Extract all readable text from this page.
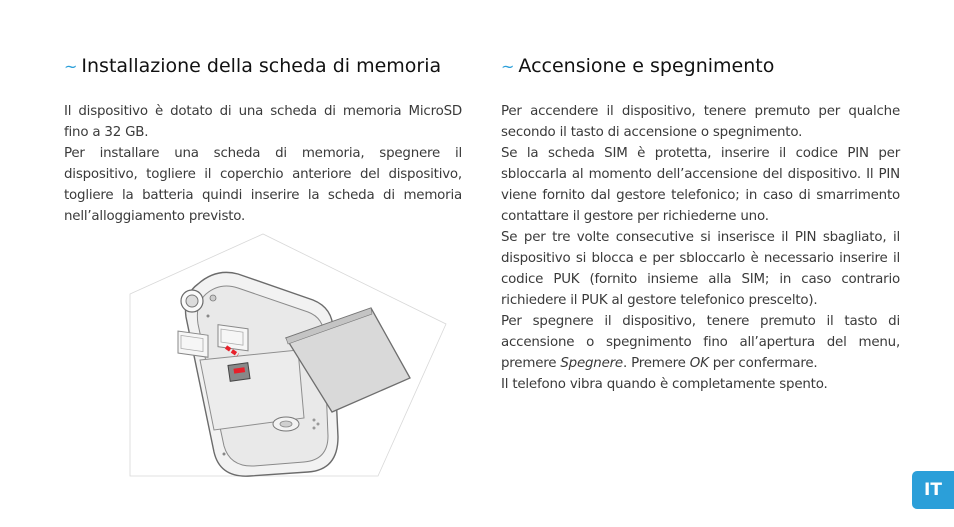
~ Installazione della scheda di memoria

Il dispositivo è dotato di una scheda di memoria MicroSD fino a 32 GB.

Per installare una scheda di memoria, spegnere il dispositivo, togliere il coperchio anteriore del dispositivo, togliere la batteria quindi inserire la scheda di memoria nell’alloggiamento previsto.

~ Accensione e spegnimento

Per accendere il dispositivo, tenere premuto per qualche secondo il tasto di accensione o spegnimento.

Se la scheda SIM è protetta, inserire il codice PIN per sbloccarla al momento dell’accensione del dispositivo. Il PIN viene fornito dal gestore telefonico; in caso di smarrimento contattare il gestore per richiederne uno.

Se per tre volte consecutive si inserisce il PIN sbagliato, il dispositivo si blocca e per sbloccarlo è necessario inserire il codice PUK (fornito insieme alla SIM; in caso contrario richiedere il PUK al gestore telefonico prescelto).

Per spegnere il dispositivo, tenere premuto il tasto di accensione o spegnimento fino all’apertura del menu, premere Spegnere. Premere OK per confermare.

Il telefono vibra quando è completamente spento.

IT
